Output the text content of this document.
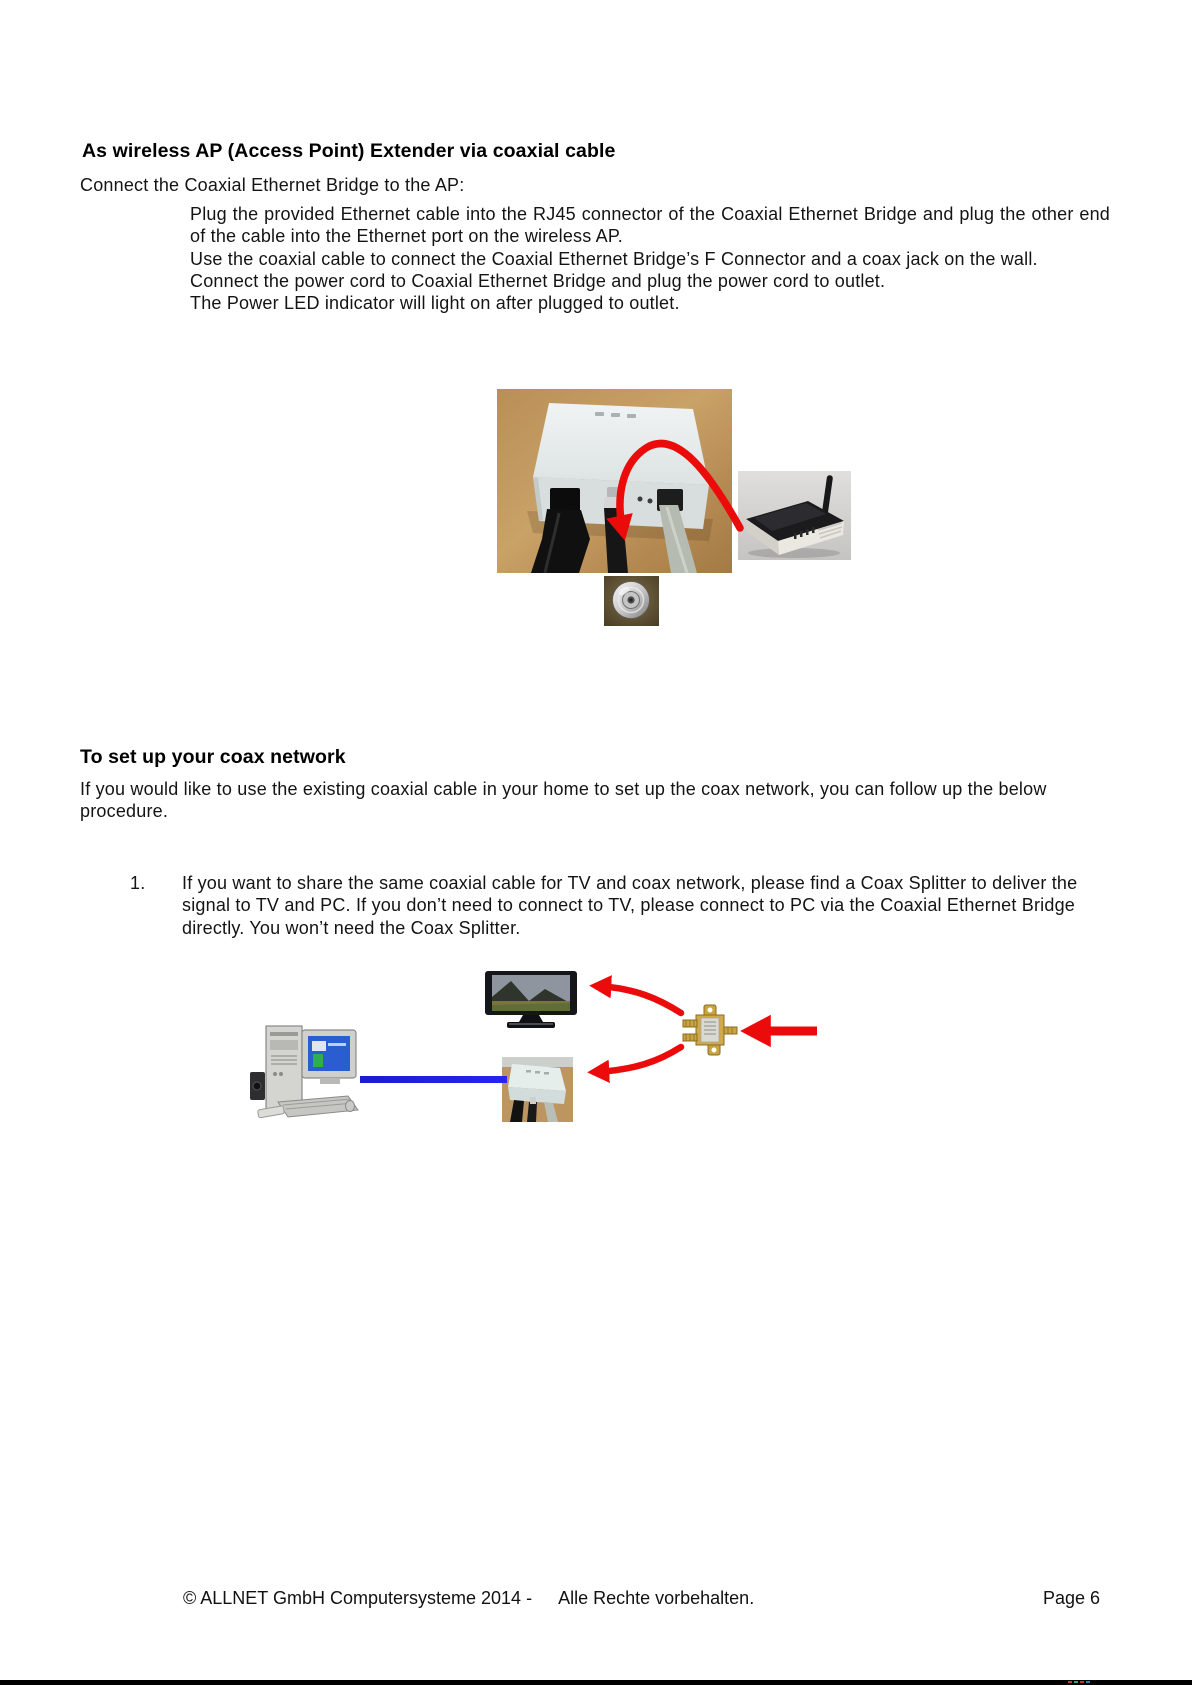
As wireless AP (Access Point) Extender via coaxial cable
Connect the Coaxial Ethernet Bridge to the AP:

Plug the provided Ethernet cable into the RJ45 connector of the Coaxial Ethernet Bridge and plug the other end of the cable into the Ethernet port on the wireless AP.

Use the coaxial cable to connect the Coaxial Ethernet Bridge’s F Connector and a coax jack on the wall.

Connect the power cord to Coaxial Ethernet Bridge and plug the power cord to outlet.

The Power LED indicator will light on after plugged to outlet.

To set up your coax network
If you would like to use the existing coaxial cable in your home to set up the coax network, you can follow up the below procedure.
1. If you want to share the same coaxial cable for TV and coax network, please find a Coax Splitter to deliver the signal to TV and PC. If you don’t need to connect to TV, please connect to PC via the Coaxial Ethernet Bridge directly. You won’t need the Coax Splitter.
© ALLNET GmbH Computersysteme 2014 - Alle Rechte vorbehalten.	Page 6
